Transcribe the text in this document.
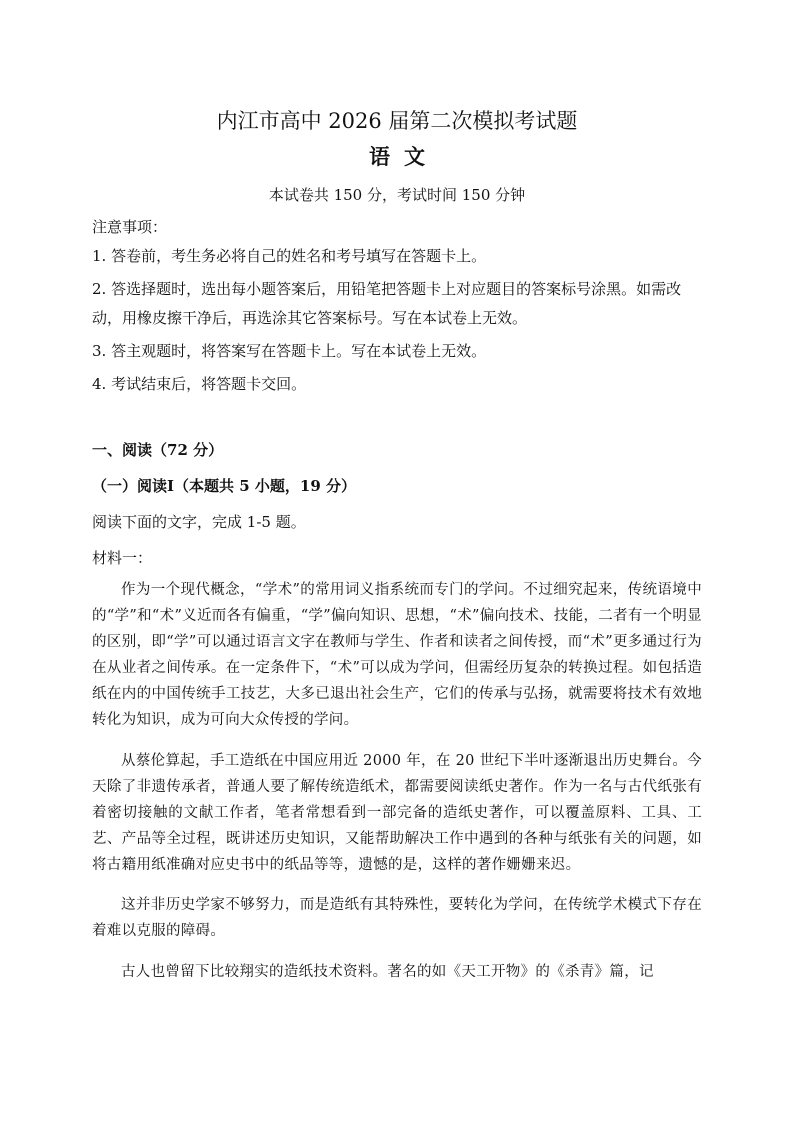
内江市高中 2026 届第二次模拟考试题
语文
本试卷共 150 分，考试时间 150 分钟
注意事项：
1. 答卷前，考生务必将自己的姓名和考号填写在答题卡上。
2. 答选择题时，选出每小题答案后，用铅笔把答题卡上对应题目的答案标号涂黑。如需改动，用橡皮擦干净后，再选涂其它答案标号。写在本试卷上无效。
3. 答主观题时，将答案写在答题卡上。写在本试卷上无效。
4. 考试结束后，将答题卡交回。
一、阅读（72 分）
（一）阅读Ⅰ（本题共 5 小题，19 分）
阅读下面的文字，完成 1-5 题。
材料一：

作为一个现代概念，“学术”的常用词义指系统而专门的学问。不过细究起来，传统语境中的“学”和“术”义近而各有偏重，“学”偏向知识、思想，“术”偏向技术、技能，二者有一个明显的区别，即“学”可以通过语言文字在教师与学生、作者和读者之间传授，而“术”更多通过行为在从业者之间传承。在一定条件下，“术”可以成为学问，但需经历复杂的转换过程。如包括造纸在内的中国传统手工技艺，大多已退出社会生产，它们的传承与弘扬，就需要将技术有效地转化为知识，成为可向大众传授的学问。

从蔡伦算起，手工造纸在中国应用近 2000 年，在 20 世纪下半叶逐渐退出历史舞台。今天除了非遗传承者，普通人要了解传统造纸术，都需要阅读纸史著作。作为一名与古代纸张有着密切接触的文献工作者，笔者常想看到一部完备的造纸史著作，可以覆盖原料、工具、工艺、产品等全过程，既讲述历史知识，又能帮助解决工作中遇到的各种与纸张有关的问题，如将古籍用纸准确对应史书中的纸品等等，遗憾的是，这样的著作姗姗来迟。

这并非历史学家不够努力，而是造纸有其特殊性，要转化为学问，在传统学术模式下存在着难以克服的障碍。

古人也曾留下比较翔实的造纸技术资料。著名的如《天工开物》的《杀青》篇，记
